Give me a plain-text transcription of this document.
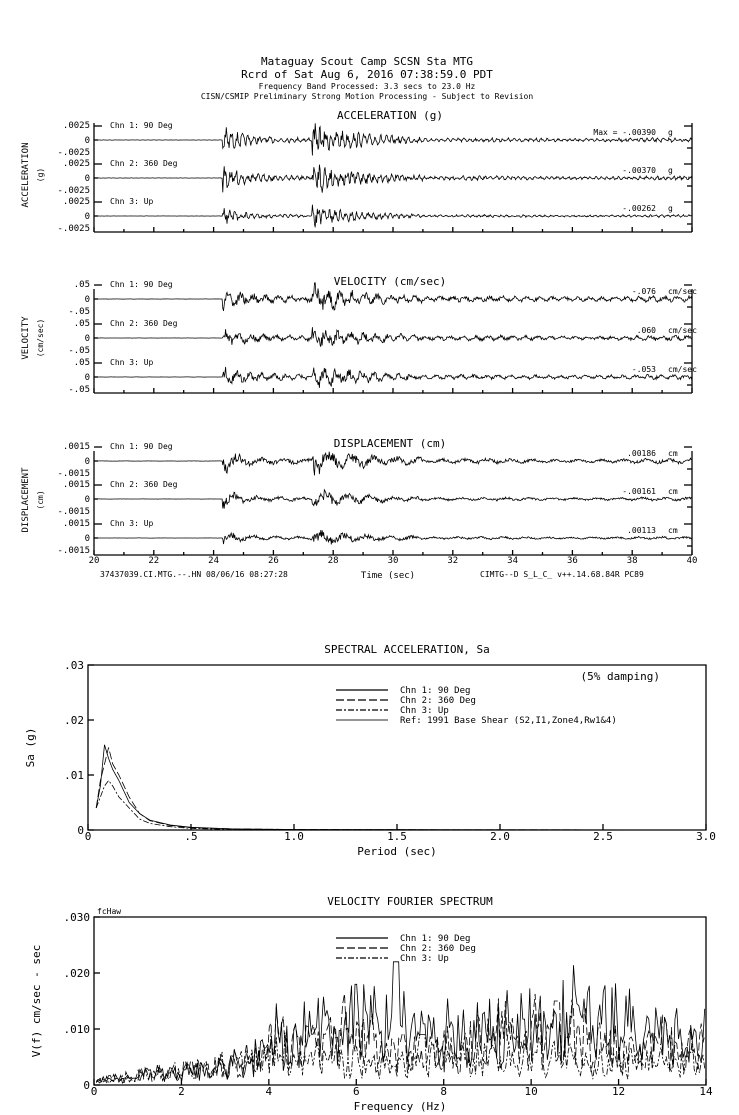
Mataguay Scout Camp SCSN Sta MTG
Rcrd of Sat Aug 6, 2016 07:38:59.0 PDT
Frequency Band Processed: 3.3 secs to 23.0 Hz
CISN/CSMIP Preliminary Strong Motion Processing - Subject to Revision
ACCELERATION (g)
ACCELERATION (g)
Chn 1: 90 Deg
Max = -.00390 g
.0025
0
-.0025
Chn 2: 360 Deg
-.00370 g
.0025
0
-.0025
Chn 3: Up
-.00262 g
.0025
0
-.0025
VELOCITY (cm/sec)
VELOCITY (cm/sec)
Chn 1: 90 Deg
-.076 cm/sec
.05
0
-.05
Chn 2: 360 Deg
.060 cm/sec
.05
0
-.05
Chn 3: Up
-.053 cm/sec
.05
0
-.05
DISPLACEMENT (cm)
DISPLACEMENT (cm)
Chn 1: 90 Deg
.00186 cm
.0015
0
-.0015
Chn 2: 360 Deg
-.00161 cm
.0015
0
-.0015
Chn 3: Up
.00113 cm
.0015
0
-.0015
20	22	24	26	28	30	32	34	36	38	40
37437039.CI.MTG.--.HN 08/06/16 08:27:28	Time (sec)	CIMTG--D S_L_C_ v++.14.68.84R PC89
SPECTRAL ACCELERATION, Sa
0	.5	1.0	1.5	2.0	2.5	3.0
0
.01
.02
.03
Period (sec)
Sa (g)
Chn 1: 90 Deg
Chn 2: 360 Deg
Chn 3: Up
Ref: 1991 Base Shear (S2,I1,Zone4,Rw1&4)
(5% damping)
VELOCITY FOURIER SPECTRUM
0	2	4	6	8	10	12	14
0
.010
.020
.030
Frequency (Hz)
V(f) cm/sec - sec
Chn 1: 90 Deg
Chn 2: 360 Deg
Chn 3: Up
fcHaw
